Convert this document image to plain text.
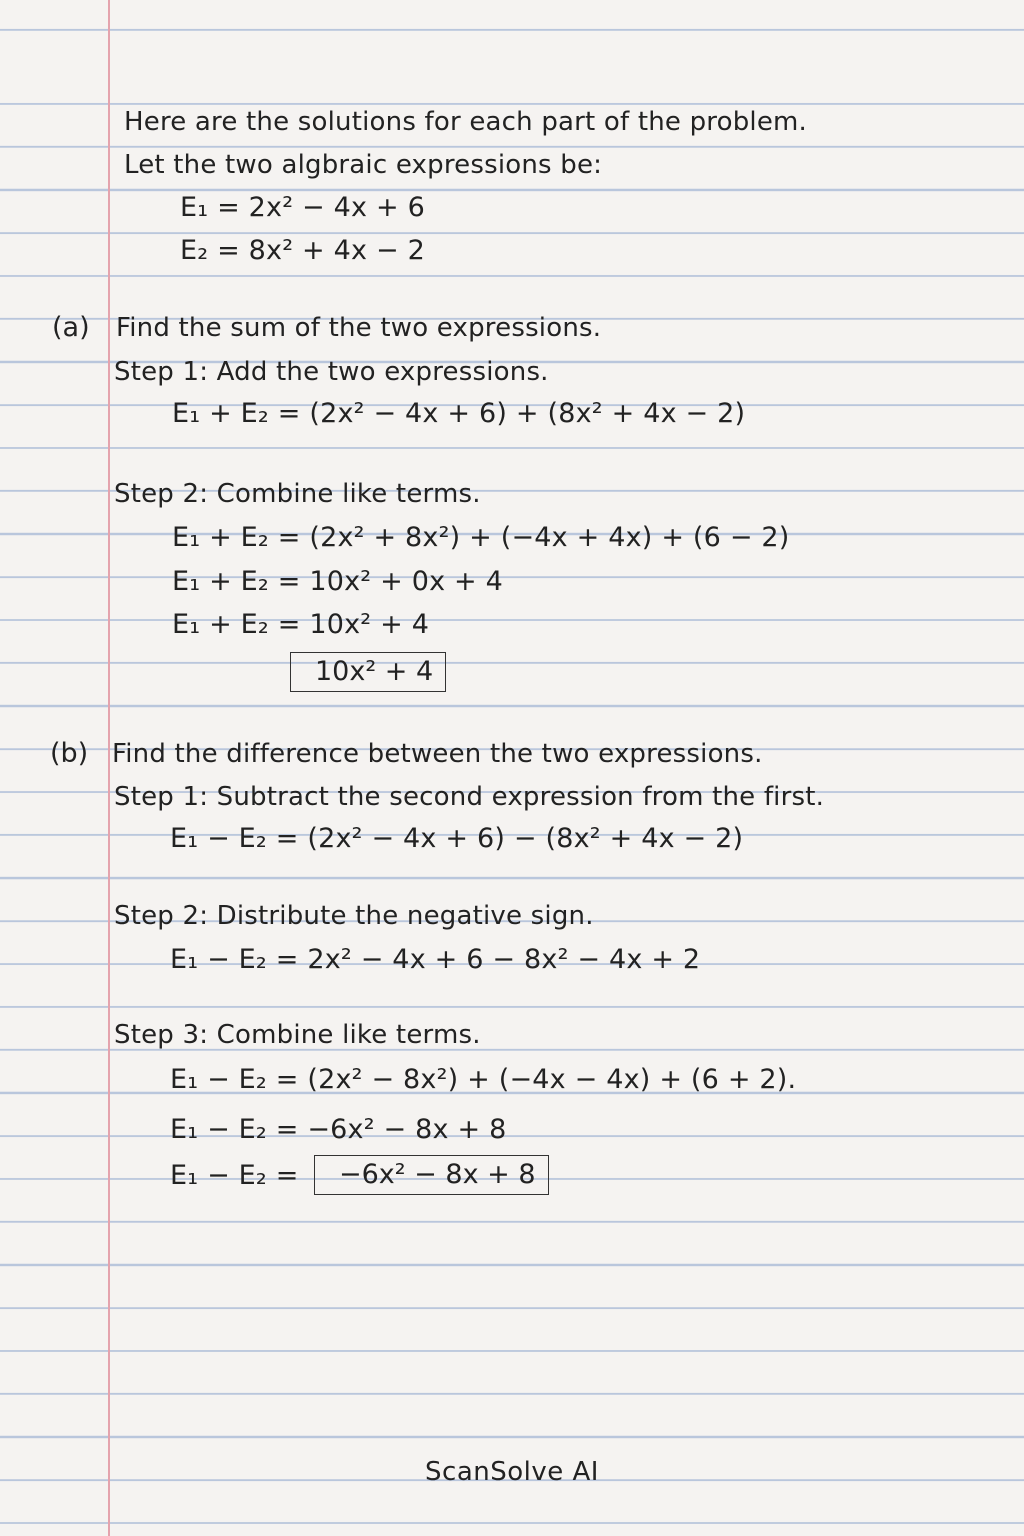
Here are the solutions for each part of the problem.
Let the two algbraic expressions be:
E₁ = 2x² − 4x + 6
E₂ = 8x² + 4x − 2
(a) Find the sum of the two expressions.
Step 1: Add the two expressions.
E₁ + E₂ = (2x² − 4x + 6) + (8x² + 4x − 2)
Step 2: Combine like terms.
E₁ + E₂ = (2x² + 8x²) + (−4x + 4x) + (6 − 2)
E₁ + E₂ = 10x² + 0x + 4
E₁ + E₂ = 10x² + 4
10x² + 4
(b) Find the difference between the two expressions.
Step 1: Subtract the second expression from the first.
E₁ − E₂ = (2x² − 4x + 6) − (8x² + 4x − 2)
Step 2: Distribute the negative sign.
E₁ − E₂ = 2x² − 4x + 6 − 8x² − 4x + 2
Step 3: Combine like terms.
E₁ − E₂ = (2x² − 8x²) + (−4x − 4x) + (6 + 2).
E₁ − E₂ = −6x² − 8x + 8
E₁ − E₂ =	−6x² − 8x + 8
ScanSolve AI
